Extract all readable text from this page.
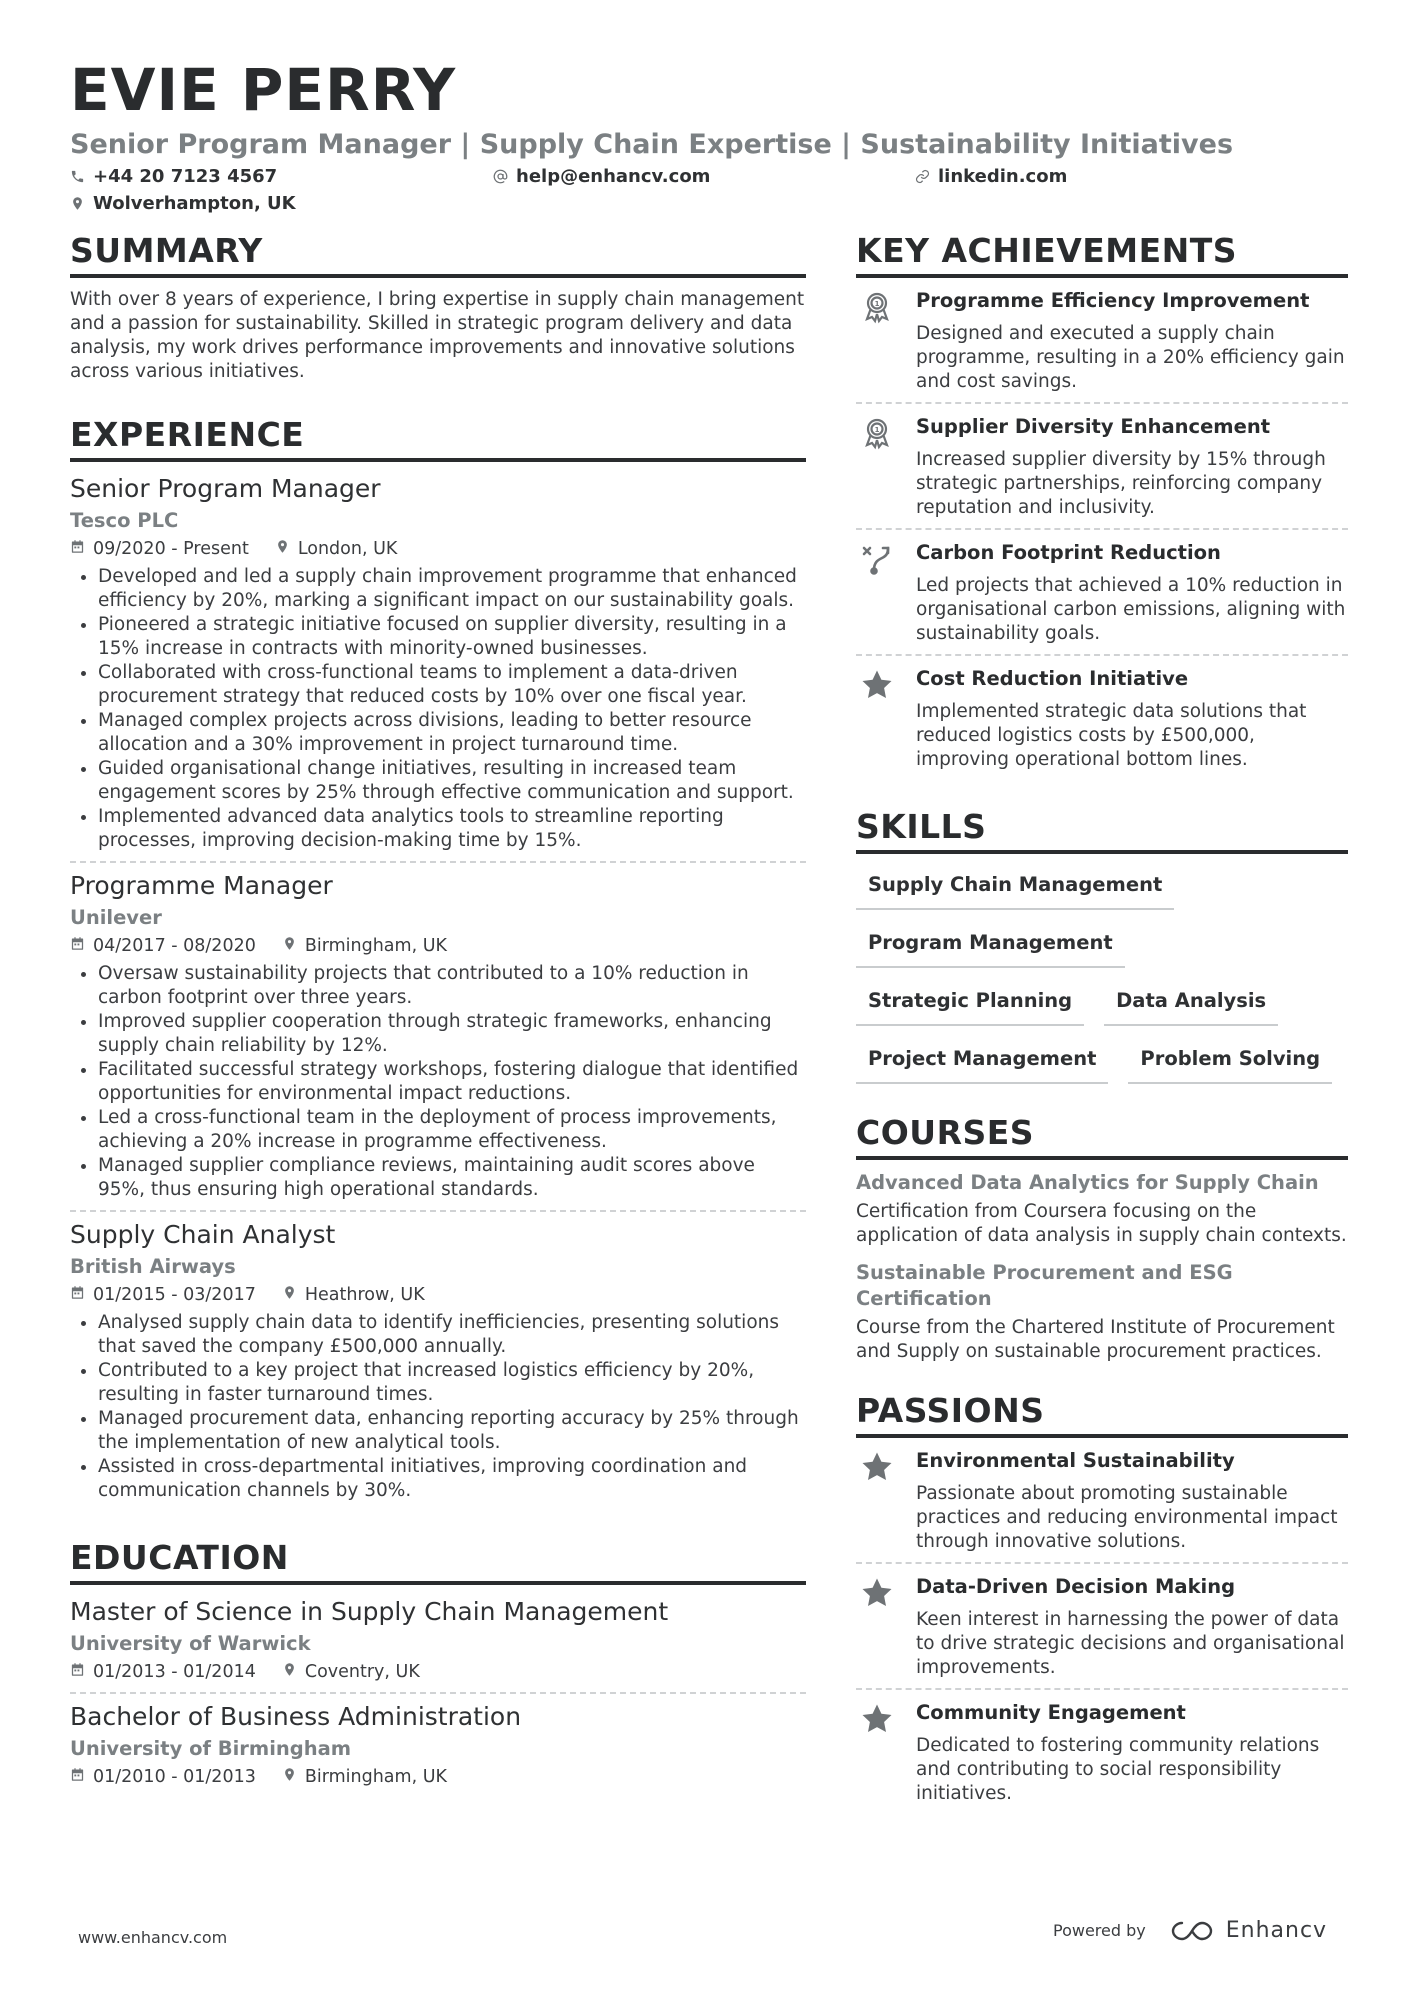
EVIE PERRY
Senior Program Manager | Supply Chain Expertise | Sustainability Initiatives
+44 20 7123 4567	help@enhancv.com	linkedin.com
Wolverhampton, UK
SUMMARY

With over 8 years of experience, I bring expertise in supply chain management and a passion for sustainability. Skilled in strategic program delivery and data analysis, my work drives performance improvements and innovative solutions across various initiatives.

EXPERIENCE
Senior Program Manager
Tesco PLC
09/2020 - Present	London, UK
• Developed and led a supply chain improvement programme that enhanced efficiency by 20%, marking a significant impact on our sustainability goals.
• Pioneered a strategic initiative focused on supplier diversity, resulting in a 15% increase in contracts with minority-owned businesses.
• Collaborated with cross-functional teams to implement a data-driven procurement strategy that reduced costs by 10% over one fiscal year.
• Managed complex projects across divisions, leading to better resource allocation and a 30% improvement in project turnaround time.
• Guided organisational change initiatives, resulting in increased team engagement scores by 25% through effective communication and support.
• Implemented advanced data analytics tools to streamline reporting processes, improving decision-making time by 15%.
Programme Manager
Unilever
04/2017 - 08/2020	Birmingham, UK
• Oversaw sustainability projects that contributed to a 10% reduction in carbon footprint over three years.
• Improved supplier cooperation through strategic frameworks, enhancing supply chain reliability by 12%.
• Facilitated successful strategy workshops, fostering dialogue that identified opportunities for environmental impact reductions.
• Led a cross-functional team in the deployment of process improvements, achieving a 20% increase in programme effectiveness.
• Managed supplier compliance reviews, maintaining audit scores above 95%, thus ensuring high operational standards.
Supply Chain Analyst
British Airways
01/2015 - 03/2017	Heathrow, UK
• Analysed supply chain data to identify inefficiencies, presenting solutions that saved the company £500,000 annually.
• Contributed to a key project that increased logistics efficiency by 20%, resulting in faster turnaround times.
• Managed procurement data, enhancing reporting accuracy by 25% through the implementation of new analytical tools.
• Assisted in cross-departmental initiatives, improving coordination and communication channels by 30%.
EDUCATION
Master of Science in Supply Chain Management
University of Warwick
01/2013 - 01/2014	Coventry, UK
Bachelor of Business Administration
University of Birmingham
01/2010 - 01/2013	Birmingham, UK
KEY ACHIEVEMENTS
1 Programme Efficiency Improvement
Designed and executed a supply chain programme, resulting in a 20% efficiency gain and cost savings.
1 Supplier Diversity Enhancement
Increased supplier diversity by 15% through strategic partnerships, reinforcing company reputation and inclusivity.
Carbon Footprint Reduction
Led projects that achieved a 10% reduction in organisational carbon emissions, aligning with sustainability goals.
Cost Reduction Initiative
Implemented strategic data solutions that reduced logistics costs by £500,000, improving operational bottom lines.
SKILLS
Supply Chain Management
Program Management
Strategic Planning	Data Analysis
Project Management	Problem Solving
COURSES
Advanced Data Analytics for Supply Chain
Certification from Coursera focusing on the application of data analysis in supply chain contexts.
Sustainable Procurement and ESG Certification
Course from the Chartered Institute of Procurement and Supply on sustainable procurement practices.
PASSIONS
Environmental Sustainability
Passionate about promoting sustainable practices and reducing environmental impact through innovative solutions.
Data-Driven Decision Making
Keen interest in harnessing the power of data to drive strategic decisions and organisational improvements.
Community Engagement
Dedicated to fostering community relations and contributing to social responsibility initiatives.
www.enhancv.com	Powered by	Enhancv
